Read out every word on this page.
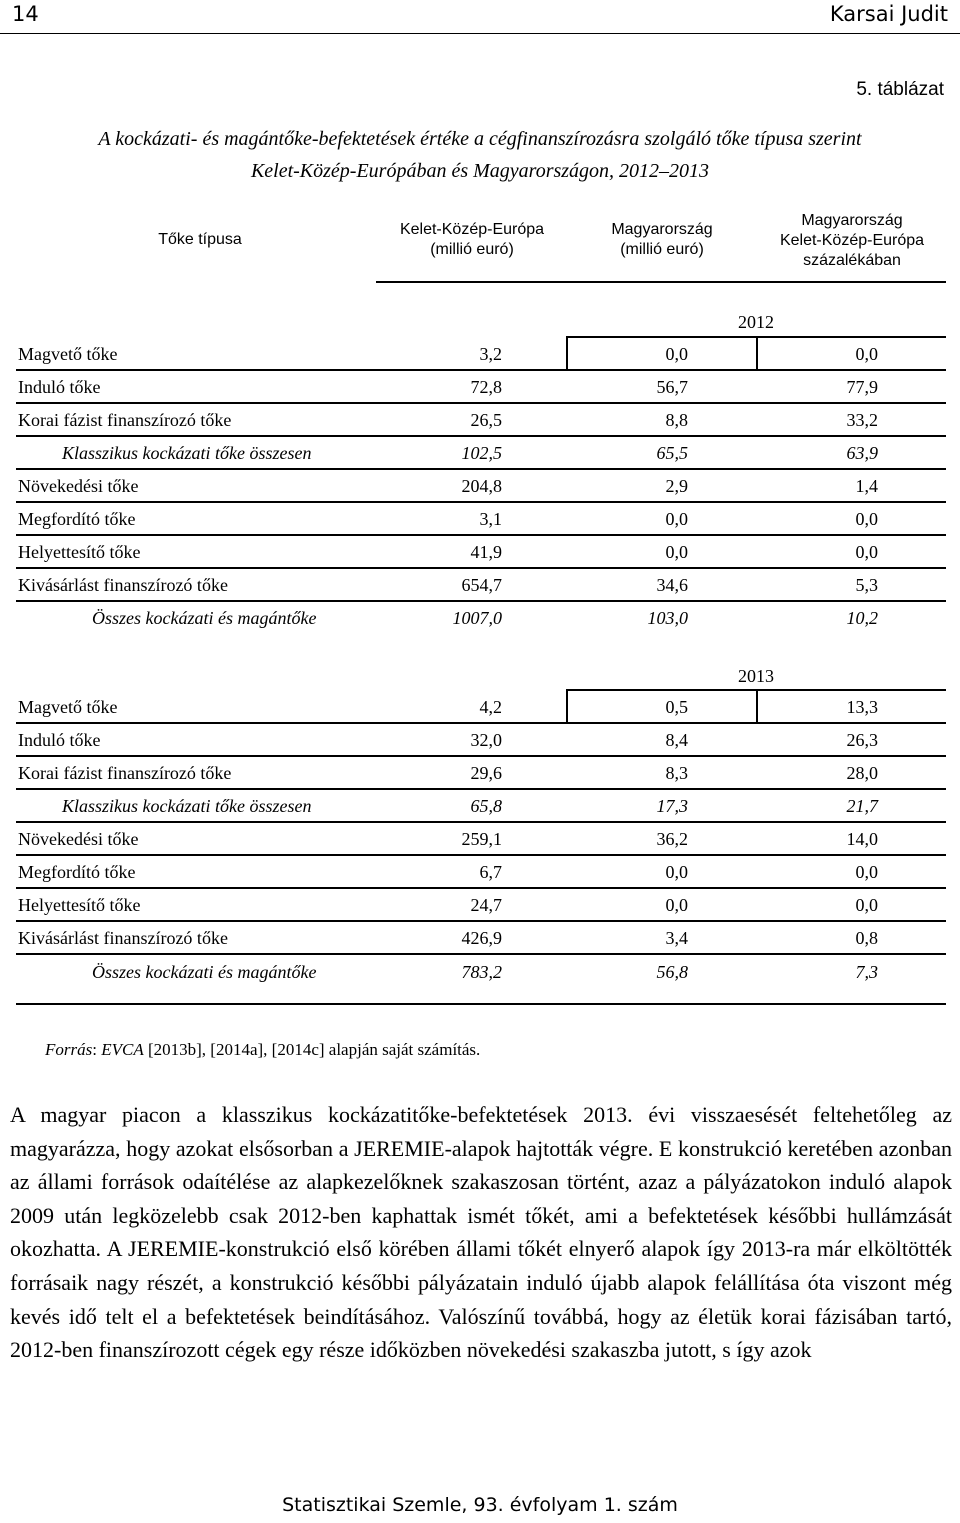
14	Karsai Judit
5. táblázat
A kockázati- és magántőke-befektetések értéke a cégfinanszírozásra szolgáló tőke típusa szerint
Kelet-Közép-Európában és Magyarországon, 2012–2013
Tőke típusa
Kelet-Közép-Európa
(millió euró)
Magyarország
(millió euró)
Magyarország
Kelet-Közép-Európa
százalékában
2012
Magvető tőke	3,2	0,0	0,0
Induló tőke	72,8	56,7	77,9
Korai fázist finanszírozó tőke	26,5	8,8	33,2
Klasszikus kockázati tőke összesen	102,5	65,5	63,9
Növekedési tőke	204,8	2,9	1,4
Megfordító tőke	3,1	0,0	0,0
Helyettesítő tőke	41,9	0,0	0,0
Kivásárlást finanszírozó tőke	654,7	34,6	5,3
Összes kockázati és magántőke	1007,0	103,0	10,2
2013
Magvető tőke	4,2	0,5	13,3
Induló tőke	32,0	8,4	26,3
Korai fázist finanszírozó tőke	29,6	8,3	28,0
Klasszikus kockázati tőke összesen	65,8	17,3	21,7
Növekedési tőke	259,1	36,2	14,0
Megfordító tőke	6,7	0,0	0,0
Helyettesítő tőke	24,7	0,0	0,0
Kivásárlást finanszírozó tőke	426,9	3,4	0,8
Összes kockázati és magántőke	783,2	56,8	7,3
Forrás: EVCA [2013b], [2014a], [2014c] alapján saját számítás.

A magyar piacon a klasszikus kockázatitőke-befektetések 2013. évi visszaesését feltehetőleg az magyarázza, hogy azokat elsősorban a JEREMIE-alapok hajtották végre. E konstrukció keretében azonban az állami források odaítélése az alapkezelőknek szakaszosan történt, azaz a pályázatokon induló alapok 2009 után legközelebb csak 2012-ben kaphattak ismét tőkét, ami a befektetések későbbi hullámzását okozhatta. A JEREMIE-konstrukció első körében állami tőkét elnyerő alapok így 2013-ra már elköltötték forrásaik nagy részét, a konstrukció későbbi pályázatain induló újabb alapok felállítása óta viszont még kevés idő telt el a befektetések beindításához. Valószínű továbbá, hogy az életük korai fázisában tartó, 2012-ben finanszírozott cégek egy része időközben növekedési szakaszba jutott, s így azok

Statisztikai Szemle, 93. évfolyam 1. szám
